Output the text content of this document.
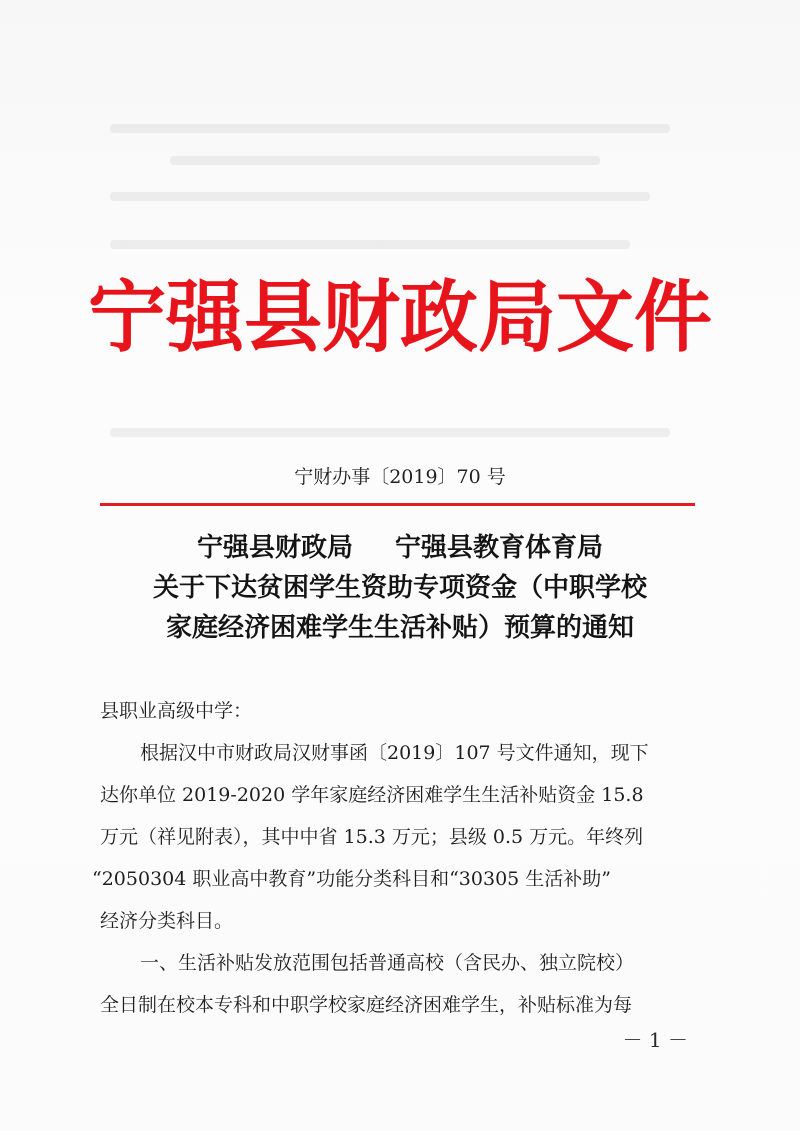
宁强县财政局文件
宁财办事〔2019〕70 号
宁强县财政局 宁强县教育体育局
关于下达贫困学生资助专项资金（中职学校
家庭经济困难学生生活补贴）预算的通知
县职业高级中学：
根据汉中市财政局汉财事函〔2019〕107 号文件通知，现下
达你单位 2019-2020 学年家庭经济困难学生生活补贴资金 15.8
万元（祥见附表），其中中省 15.3 万元；县级 0.5 万元。年终列
“2050304 职业高中教育”功能分类科目和“30305 生活补助”
经济分类科目。
一、生活补贴发放范围包括普通高校（含民办、独立院校）
全日制在校本专科和中职学校家庭经济困难学生，补贴标准为每
－ 1 －
